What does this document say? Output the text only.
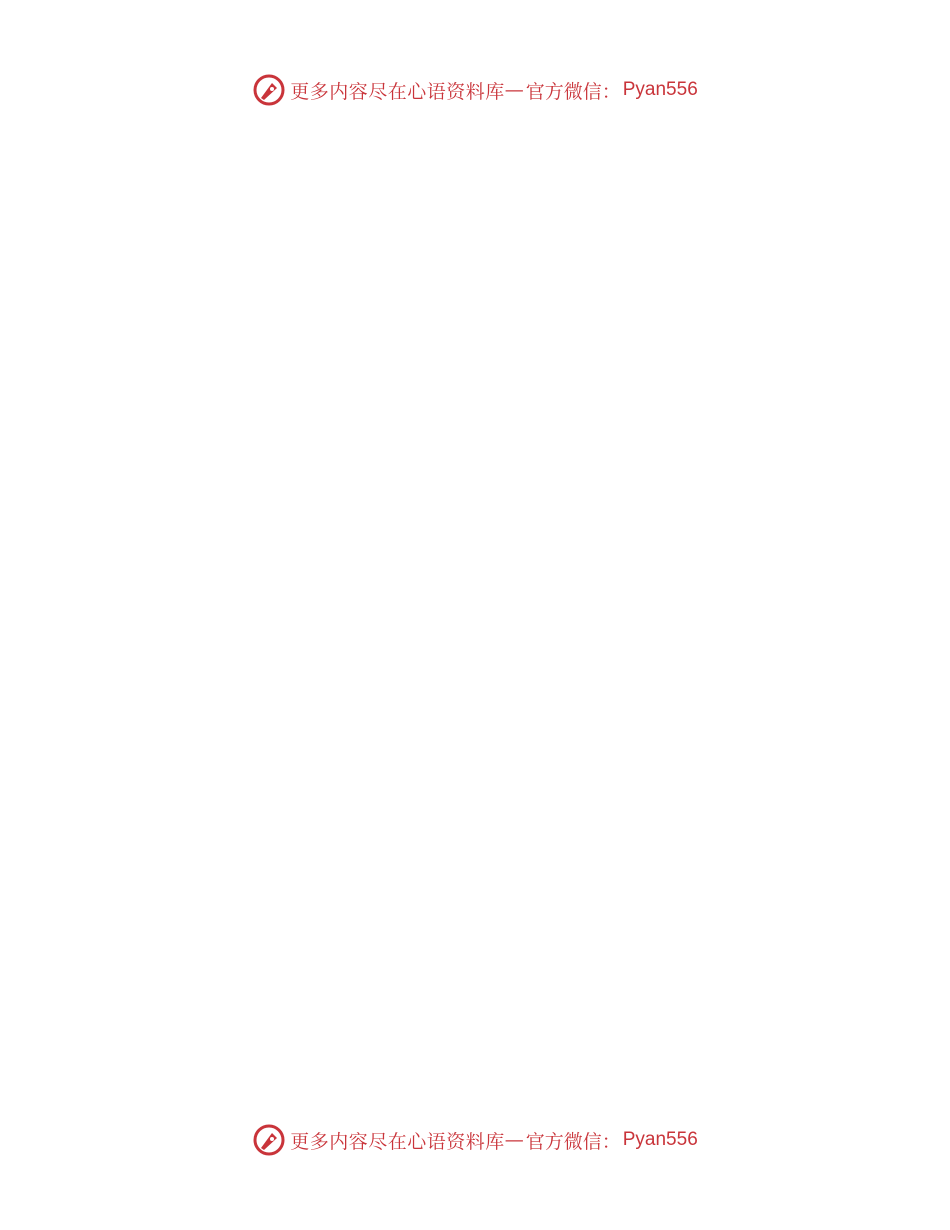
更多内容尽在心语资料库 — 官方微信： Pyan556
更多内容尽在心语资料库 — 官方微信： Pyan556
